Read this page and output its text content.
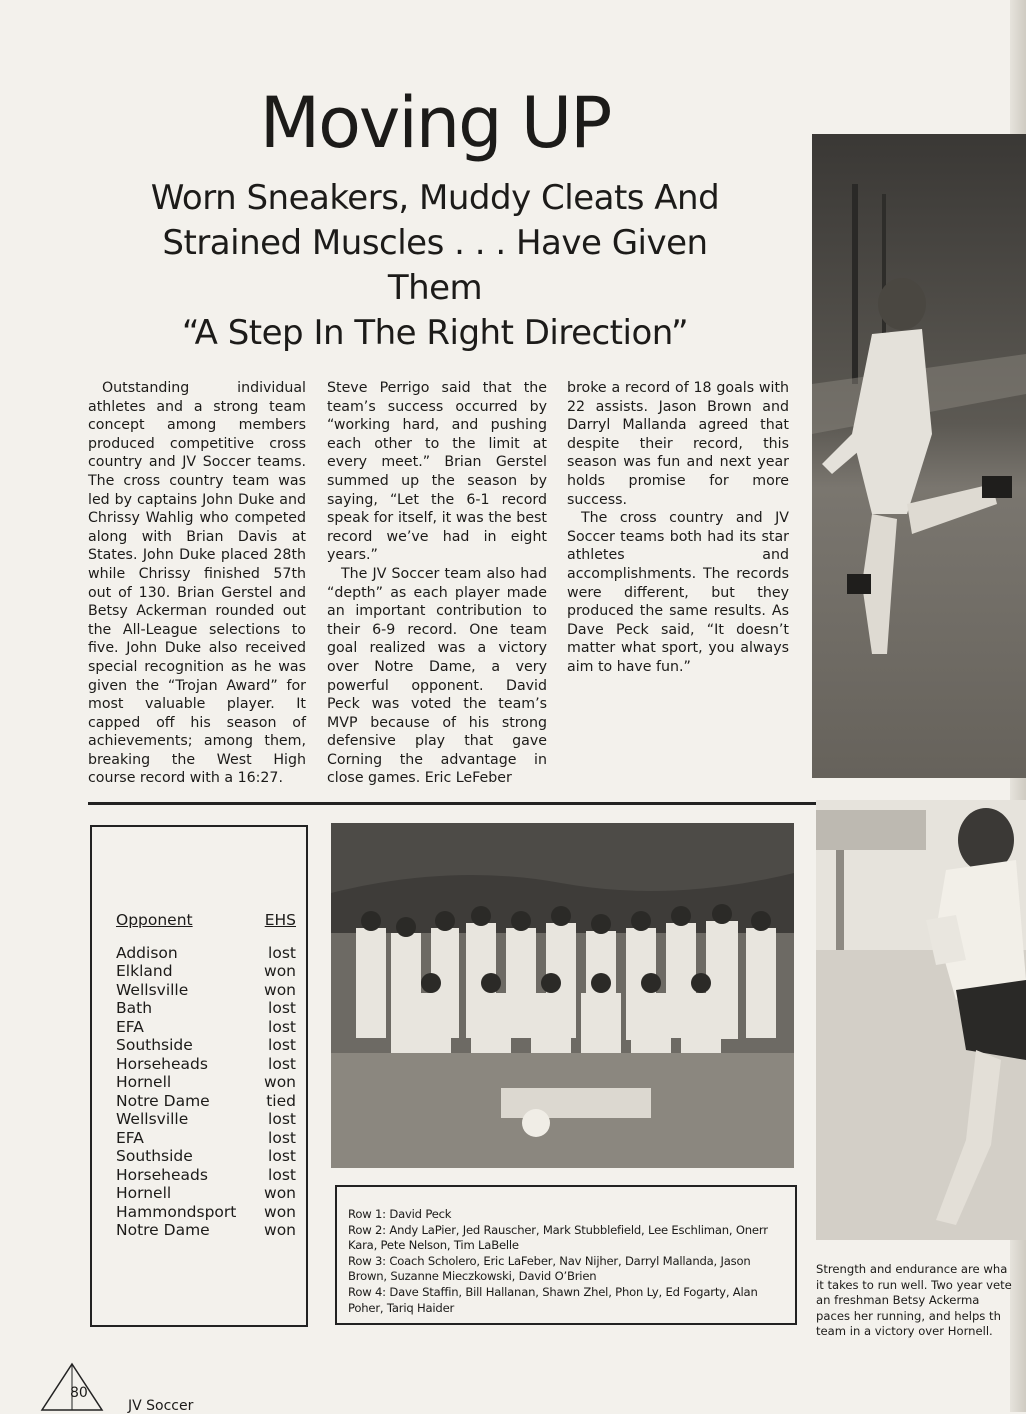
Moving UP
Worn Sneakers, Muddy Cleats And
Strained Muscles . . . Have Given
Them
“A Step In The Right Direction”

Outstanding individual athletes and a strong team concept among members produced competitive cross country and JV Soccer teams. The cross country team was led by captains John Duke and Chrissy Wahlig who competed along with Brian Davis at States. John Duke placed 28th while Chrissy finished 57th out of 130. Brian Gerstel and Betsy Ackerman rounded out the All-League selections to five. John Duke also received special recognition as he was given the “Trojan Award” for most valuable player. It capped off his season of achievements; among them, breaking the West High course record with a 16:27.

Steve Perrigo said that the team’s success occurred by “working hard, and pushing each other to the limit at every meet.” Brian Gerstel summed up the season by saying, “Let the 6-1 record speak for itself, it was the best record we’ve had in eight years.”

The JV Soccer team also had “depth” as each player made an important contribution to their 6-9 record. One team goal realized was a victory over Notre Dame, a very powerful opponent. David Peck was voted the team’s MVP because of his strong defensive play that gave Corning the advantage in close games. Eric LeFeber

broke a record of 18 goals with 22 assists. Jason Brown and Darryl Mallanda agreed that despite their record, this season was fun and next year holds promise for more success.

The cross country and JV Soccer teams both had its star athletes and accomplishments. The records were different, but they produced the same results. As Dave Peck said, “It doesn’t matter what sport, you always aim to have fun.”

Opponent	EHS
Addison	lost
Elkland	won
Wellsville	won
Bath	lost
EFA	lost
Southside	lost
Horseheads	lost
Hornell	won
Notre Dame	tied
Wellsville	lost
EFA	lost
Southside	lost
Horseheads	lost
Hornell	won
Hammondsport	won
Notre Dame	won
Row 1: David Peck
Row 2: Andy LaPier, Jed Rauscher, Mark Stubblefield, Lee Eschliman, Onerr Kara, Pete Nelson, Tim LaBelle
Row 3: Coach Scholero, Eric LaFeber, Nav Nijher, Darryl Mallanda, Jason Brown, Suzanne Mieczkowski, David O’Brien
Row 4: Dave Staffin, Bill Hallanan, Shawn Zhel, Phon Ly, Ed Fogarty, Alan Poher, Tariq Haider
Strength and endurance are wha
it takes to run well. Two year vete
an freshman Betsy Ackerma
paces her running, and helps th
team in a victory over Hornell.
80
JV Soccer
